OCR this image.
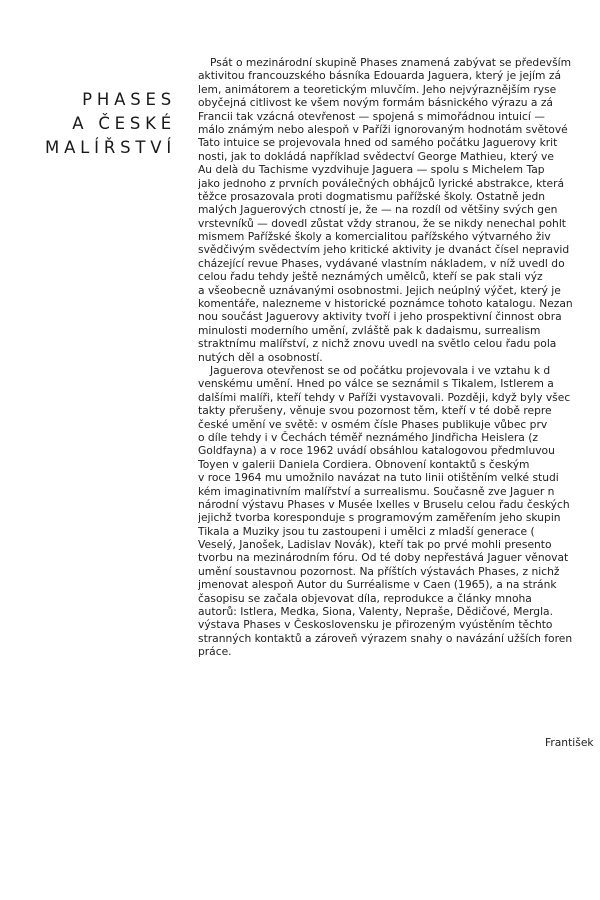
PHASES
A ČESKÉ
MALÍŘSTVÍ
Psát o mezinárodní skupině Phases znamená zabývat se především
aktivitou francouzského básníka Edouarda Jaguera, který je jejím zá
lem, animátorem a teoretickým mluvčím. Jeho nejvýraznějším ryse
obyčejná citlivost ke všem novým formám básnického výrazu a zá
Francii tak vzácná otevřenost — spojená s mimořádnou intuicí —
málo známým nebo alespoň v Paříži ignorovaným hodnotám světové
Tato intuice se projevovala hned od samého počátku Jaguerovy krit
nosti, jak to dokládá například svědectví George Mathieu, který ve
Au delà du Tachisme vyzdvihuje Jaguera — spolu s Michelem Tap
jako jednoho z prvních poválečných obhájců lyrické abstrakce, která
těžce prosazovala proti dogmatismu pařížské školy. Ostatně jedn
malých Jaguerových ctností je, že — na rozdíl od většiny svých gen
vrstevníků — dovedl zůstat vždy stranou, že se nikdy nenechal pohlt
mismem Pařížské školy a komercialitou pařížského výtvarného živ
svědčivým svědectvím jeho kritické aktivity je dvanáct čísel nepravid
cházející revue Phases, vydávané vlastním nákladem, v níž uvedl do
celou řadu tehdy ještě neznámých umělců, kteří se pak stali výz
a všeobecně uznávanými osobnostmi. Jejich neúplný výčet, který je
komentáře, nalezneme v historické poznámce tohoto katalogu. Nezan
nou součást Jaguerovy aktivity tvoří i jeho prospektivní činnost obra
minulosti moderního umění, zvláště pak k dadaismu, surrealism
straktnímu malířství, z nichž znovu uvedl na světlo celou řadu pola
nutých děl a osobností.
Jaguerova otevřenost se od počátku projevovala i ve vztahu k d
venskému umění. Hned po válce se seznámil s Tikalem, Istlerem a
dalšími malíři, kteří tehdy v Paříži vystavovali. Později, když byly všec
takty přerušeny, věnuje svou pozornost těm, kteří v té době repre
české umění ve světě: v osmém čísle Phases publikuje vůbec prv
o díle tehdy i v Čechách téměř neznámého Jindřicha Heislera (z
Goldfayna) a v roce 1962 uvádí obsáhlou katalogovou předmluvou
Toyen v galerii Daniela Cordiera. Obnovení kontaktů s českým
v roce 1964 mu umožnilo navázat na tuto linii otištěním velké studi
kém imaginativním malířství a surrealismu. Současně zve Jaguer n
národní výstavu Phases v Musée Ixelles v Bruselu celou řadu českých
jejichž tvorba koresponduje s programovým zaměřením jeho skupin
Tikala a Muziky jsou tu zastoupeni i umělci z mladší generace (
Veselý, Janošek, Ladislav Novák), kteří tak po prvé mohli presento
tvorbu na mezinárodním fóru. Od té doby nepřestává Jaguer věnovat
umění soustavnou pozornost. Na příštích výstavách Phases, z nichž
jmenovat alespoň Autor du Surréalisme v Caen (1965), a na stránk
časopisu se začala objevovat díla, reprodukce a články mnoha
autorů: Istlera, Medka, Siona, Valenty, Nepraše, Dědičové, Mergla.
výstava Phases v Československu je přirozeným vyústěním těchto
stranných kontaktů a zároveň výrazem snahy o navázání užších foren
práce.
František
